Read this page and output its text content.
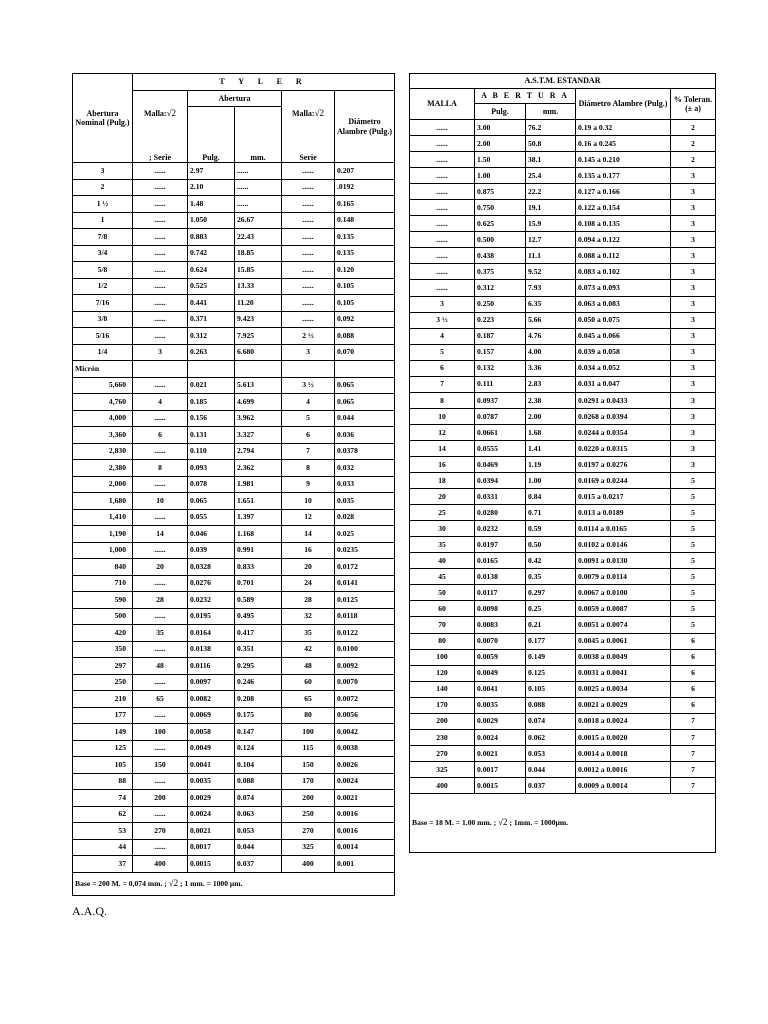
Abertura Nominal (Pulg.)	T Y L E R				
	Malla:√2
; Serie	Abertura		Malla:√2
Serie	Diámetro Alambre (Pulg.)
		Pulg.	mm.		
3	......	2.97	......	......	0.207
2	......	2.10	......	......	.0192
1 ½	......	1.48	......	......	0.165
1	......	1.050	26.67	......	0.148
7/8	......	0.883	22.43	......	0.135
3/4	......	0.742	18.85	......	0.135
5/8	......	0.624	15.85	......	0.120
1/2	......	0.525	13.33	......	0.105
7/16	......	0.441	11.20	......	0.105
3/8	......	0.371	9.423	......	0.092
5/16	......	0.312	7.925	2 ½	0.088
1/4	3	0.263	6.680	3	0.070
Micrón					
5,660	......	0.021	5.613	3 ½	0.065
4,760	4	0.185	4.699	4	0.065
4,000	......	0.156	3.962	5	0.044
3,360	6	0.131	3.327	6	0.036
2,830	......	0.110	2.794	7	0.0378
2,380	8	0.093	2.362	8	0.032
2,000	......	0.078	1.981	9	0.033
1,680	10	0.065	1.651	10	0.035
1,410	......	0.055	1.397	12	0.028
1,190	14	0.046	1.168	14	0.025
1,000	......	0.039	0.991	16	0.0235
840	20	0.0328	0.833	20	0.0172
710	......	0.0276	0.701	24	0.0141
590	28	0.0232	0.589	28	0.0125
500	......	0.0195	0.495	32	0.0118
420	35	0.0164	0.417	35	0.0122
350	......	0.0138	0.351	42	0.0100
297	48	0.0116	0.295	48	0.0092
250	......	0.0097	0.246	60	0.0070
210	65	0.0082	0.208	65	0.0072
177	......	0.0069	0.175	80	0.0056
149	100	0.0058	0.147	100	0.0042
125	......	0.0049	0.124	115	0.0038
105	150	0.0041	0.104	150	0.0026
88	......	0.0035	0.088	170	0.0024
74	200	0.0029	0.074	200	0.0021
62	......	0.0024	0.063	250	0.0016
53	270	0.0021	0.053	270	0.0016
44	......	0.0017	0.044	325	0.0014
37	400	0.0015	0.037	400	0.001
Base = 200 M. = 0,074 mm. ; √2 ; 1 mm. = 1000 μm.					
A.S.T.M. ESTANDAR				
MALLA	A B E R T U R A		Diámetro Alambre (Pulg.)	% Toleran. (± a)
	Pulg.	mm.		
......	3.00	76.2	0.19 a 0.32	2
......	2.00	50.8	0.16 a 0.245	2
......	1.50	38.1	0.145 a 0.210	2
......	1.00	25.4	0.135 a 0.177	3
......	0.875	22.2	0.127 a 0.166	3
......	0.750	19.1	0.122 a 0.154	3
......	0.625	15.9	0.108 a 0.135	3
......	0.500	12.7	0.094 a 0.122	3
......	0.438	11.1	0.088 a 0.112	3
......	0.375	9.52	0.083 a 0.102	3
......	0.312	7.93	0.073 a 0.093	3
3	0.250	6.35	0.063 a 0.083	3
3 ½	0.223	5.66	0.050 a 0.075	3
4	0.187	4.76	0.045 a 0.066	3
5	0.157	4.00	0.039 a 0.058	3
6	0.132	3.36	0.034 a 0.052	3
7	0.111	2.83	0.031 a 0.047	3
8	0.0937	2.38	0.0291 a 0.0433	3
10	0.0787	2.00	0.0268 a 0.0394	3
12	0.0661	1.68	0.0244 a 0.0354	3
14	0.0555	1.41	0.0220 a 0.0315	3
16	0.0469	1.19	0.0197 a 0.0276	3
18	0.0394	1.00	0.0169 a 0.0244	5
20	0.0331	0.84	0.015 a 0.0217	5
25	0.0280	0.71	0.013 a 0.0189	5
30	0.0232	0.59	0.0114 a 0.0165	5
35	0.0197	0.50	0.0102 a 0.0146	5
40	0.0165	0.42	0.0091 a 0.0130	5
45	0.0138	0.35	0.0079 a 0.0114	5
50	0.0117	0.297	0.0067 a 0.0100	5
60	0.0098	0.25	0.0059 a 0.0087	5
70	0.0083	0.21	0.0051 a 0.0074	5
80	0.0070	0.177	0.0045 a 0.0061	6
100	0.0059	0.149	0.0038 a 0.0049	6
120	0.0049	0.125	0.0031 a 0.0041	6
140	0.0041	0.105	0.0025 a 0.0034	6
170	0.0035	0.088	0.0021 a 0.0029	6
200	0.0029	0.074	0.0018 a 0.0024	7
230	0.0024	0.062	0.0015 a 0.0020	7
270	0.0021	0.053	0.0014 a 0.0018	7
325	0.0017	0.044	0.0012 a 0.0016	7
400	0.0015	0.037	0.0009 a 0.0014	7
Base = 18 M. = 1.00 mm. ; √2 ; 1mm. = 1000μm.				
A.A.Q.
